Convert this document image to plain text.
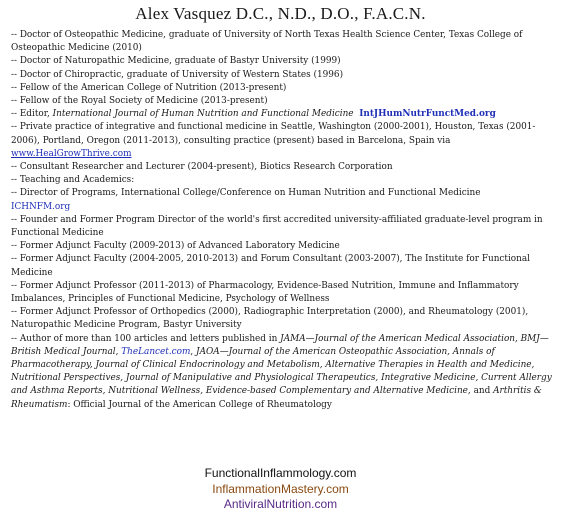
Alex Vasquez D.C., N.D., D.O., F.A.C.N.

-- Doctor of Osteopathic Medicine, graduate of University of North Texas Health Science Center, Texas College of Osteopathic Medicine (2010)

-- Doctor of Naturopathic Medicine, graduate of Bastyr University (1999)

-- Doctor of Chiropractic, graduate of University of Western States (1996)

-- Fellow of the American College of Nutrition (2013-present)

-- Fellow of the Royal Society of Medicine (2013-present)

-- Editor, International Journal of Human Nutrition and Functional Medicine IntJHumNutrFunctMed.org

-- Private practice of integrative and functional medicine in Seattle, Washington (2000-2001), Houston, Texas (2001-2006), Portland, Oregon (2011-2013), consulting practice (present) based in Barcelona, Spain via www.HealGrowThrive.com

-- Consultant Researcher and Lecturer (2004-present), Biotics Research Corporation

-- Teaching and Academics:

-- Director of Programs, International College/Conference on Human Nutrition and Functional Medicine
ICHNFM.org

-- Founder and Former Program Director of the world's first accredited university-affiliated graduate-level program in Functional Medicine

-- Former Adjunct Faculty (2009-2013) of Advanced Laboratory Medicine

-- Former Adjunct Faculty (2004-2005, 2010-2013) and Forum Consultant (2003-2007), The Institute for Functional Medicine

-- Former Adjunct Professor (2011-2013) of Pharmacology, Evidence-Based Nutrition, Immune and Inflammatory Imbalances, Principles of Functional Medicine, Psychology of Wellness

-- Former Adjunct Professor of Orthopedics (2000), Radiographic Interpretation (2000), and Rheumatology (2001), Naturopathic Medicine Program, Bastyr University

-- Author of more than 100 articles and letters published in JAMA—Journal of the American Medical Association, BMJ—British Medical Journal, TheLancet.com, JAOA—Journal of the American Osteopathic Association, Annals of Pharmacotherapy, Journal of Clinical Endocrinology and Metabolism, Alternative Therapies in Health and Medicine, Nutritional Perspectives, Journal of Manipulative and Physiological Therapeutics, Integrative Medicine, Current Allergy and Asthma Reports, Nutritional Wellness, Evidence-based Complementary and Alternative Medicine, and Arthritis & Rheumatism: Official Journal of the American College of Rheumatology

FunctionalInflammology.com
InflammationMastery.com
AntiviralNutrition.com
